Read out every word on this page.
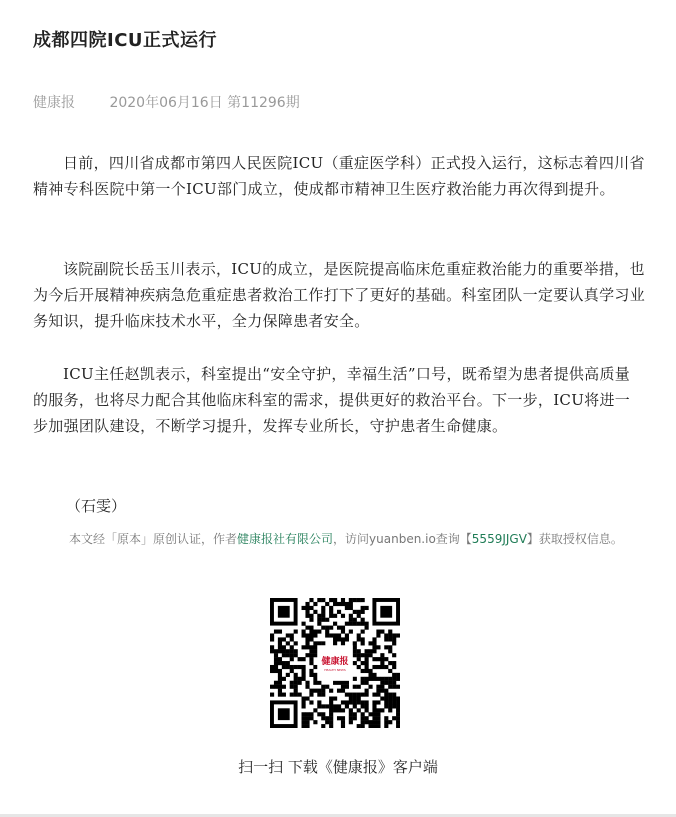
成都四院ICU正式运行
健康报 2020年06月16日 第11296期

日前，四川省成都市第四人民医院ICU（重症医学科）正式投入运行，这标志着四川省精神专科医院中第一个ICU部门成立，使成都市精神卫生医疗救治能力再次得到提升。

该院副院长岳玉川表示，ICU的成立，是医院提高临床危重症救治能力的重要举措，也为今后开展精神疾病急危重症患者救治工作打下了更好的基础。科室团队一定要认真学习业务知识，提升临床技术水平，全力保障患者安全。

ICU主任赵凯表示，科室提出“安全守护，幸福生活”口号，既希望为患者提供高质量的服务，也将尽力配合其他临床科室的需求，提供更好的救治平台。下一步，ICU将进一步加强团队建设，不断学习提升，发挥专业所长，守护患者生命健康。

（石雯）

本文经「原本」原创认证，作者健康报社有限公司，访问yuanben.io查询【5559JJGV】获取授权信息。

健康报
HEALTH NEWS
扫一扫 下载《健康报》客户端
